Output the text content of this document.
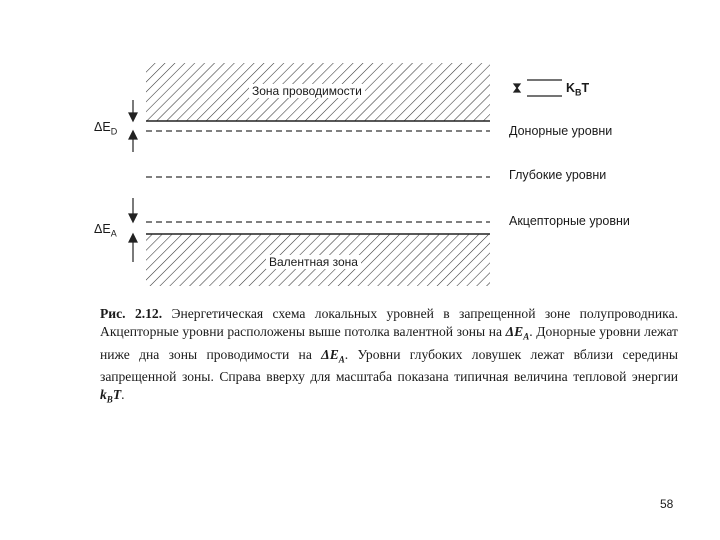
Зона проводимости
Валентная зона
$\Delta E_D$
$\Delta E_A$
$K_BT$
Донорные уровни
Глубокие уровни
Акцепторные уровни
Рис. 2.12. Энергетическая схема локальных уровней в запрещенной зоне полупроводника. Акцепторные уровни расположены выше потолка валентной зоны на $\Delta E_A$. Донорные уровни лежат ниже дна зоны проводимости на $\Delta E_A$. Уровни глубоких ловушек лежат вблизи середины запрещенной зоны. Справа вверху для масштаба показана типичная величина тепловой энергии $k_BT$.
58
